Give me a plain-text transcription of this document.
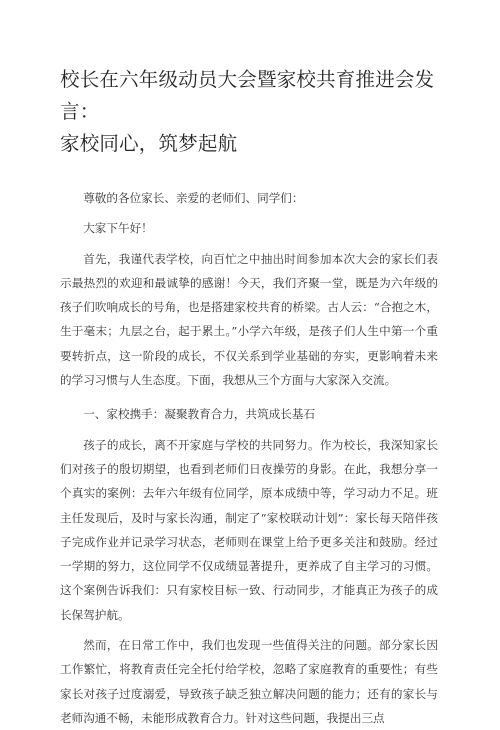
校长在六年级动员大会暨家校共育推进会发言：
家校同心，筑梦起航

尊敬的各位家长、亲爱的老师们、同学们：

大家下午好！

首先，我谨代表学校，向百忙之中抽出时间参加本次大会的家长们表示最热烈的欢迎和最诚挚的感谢！今天，我们齐聚一堂，既是为六年级的孩子们吹响成长的号角，也是搭建家校共育的桥梁。古人云：“合抱之木，生于毫末；九层之台，起于累土。”小学六年级，是孩子们人生中第一个重要转折点，这一阶段的成长，不仅关系到学业基础的夯实，更影响着未来的学习习惯与人生态度。下面，我想从三个方面与大家深入交流。

一、家校携手：凝聚教育合力，共筑成长基石

孩子的成长，离不开家庭与学校的共同努力。作为校长，我深知家长们对孩子的殷切期望，也看到老师们日夜操劳的身影。在此，我想分享一个真实的案例：去年六年级有位同学，原本成绩中等，学习动力不足。班主任发现后，及时与家长沟通，制定了“家校联动计划”：家长每天陪伴孩子完成作业并记录学习状态，老师则在课堂上给予更多关注和鼓励。经过一学期的努力，这位同学不仅成绩显著提升，更养成了自主学习的习惯。这个案例告诉我们：只有家校目标一致、行动同步，才能真正为孩子的成长保驾护航。

然而，在日常工作中，我们也发现一些值得关注的问题。部分家长因工作繁忙，将教育责任完全托付给学校，忽略了家庭教育的重要性；有些家长对孩子过度溺爱，导致孩子缺乏独立解决问题的能力；还有的家长与老师沟通不畅，未能形成教育合力。针对这些问题，我提出三点
